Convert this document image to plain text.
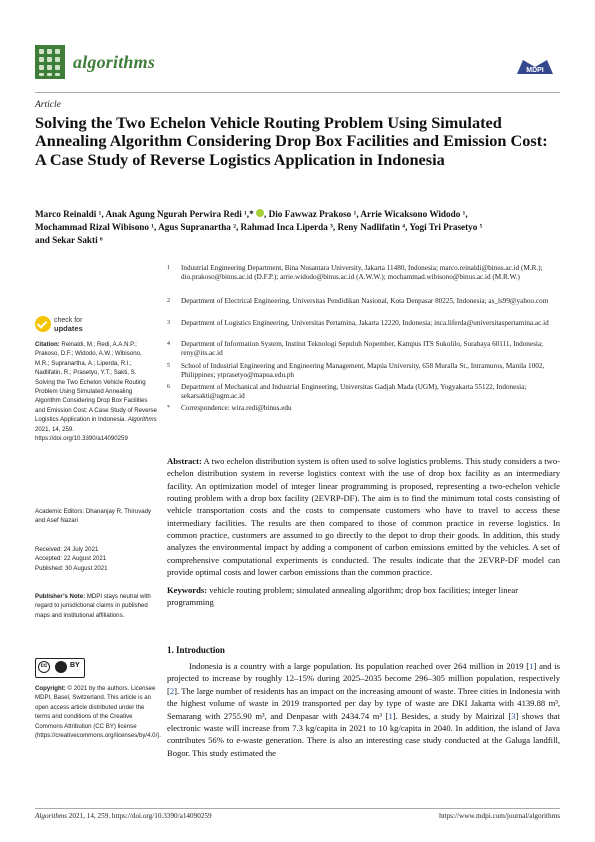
algorithms	MDPI
Article
Solving the Two Echelon Vehicle Routing Problem Using Simulated Annealing Algorithm Considering Drop Box Facilities and Emission Cost: A Case Study of Reverse Logistics Application in Indonesia
Marco Reinaldi ¹, Anak Agung Ngurah Perwira Redi ¹,* , Dio Fawwaz Prakoso ¹, Arrie Wicaksono Widodo ¹,
Mochammad Rizal Wibisono ¹, Agus Supranartha ², Rahmad Inca Liperda ³, Reny Nadlifatin ⁴, Yogi Tri Prasetyo ⁵
and Sekar Sakti ⁶
1 Industrial Engineering Department, Bina Nusantara University, Jakarta 11480, Indonesia; marco.reinaldi@binus.ac.id (M.R.); dio.prakoso@binus.ac.id (D.F.P.); arrie.widodo@binus.ac.id (A.W.W.); mochammad.wibisono@binus.ac.id (M.R.W.)
2 Department of Electrical Engineering, Universitas Pendidikan Nasional, Kota Denpasar 80225, Indonesia; as_ls99@yahoo.com
3 Department of Logistics Engineering, Universitas Pertamina, Jakarta 12220, Indonesia; inca.liferda@universitaspertamina.ac.id
4 Department of Information System, Institut Teknologi Sepuluh Nopember, Kampus ITS Sukolilo, Surabaya 60111, Indonesia; reny@its.ac.id
5 School of Industrial Engineering and Engineering Management, Mapúa University, 658 Muralla St., Intramuros, Manila 1002, Philippines; ytprasetyo@mapua.edu.ph
6 Department of Mechanical and Industrial Engineering, Universitas Gadjah Mada (UGM), Yogyakarta 55122, Indonesia; sekarsakti@ugm.ac.id
* Correspondence: wira.redi@binus.edu
check for
updates
Citation: Reinaldi, M.; Redi, A.A.N.P.; Prakoso, D.F.; Widodo, A.W.; Wibisono, M.R.; Supranartha, A.; Liperda, R.I.; Nadlifatin, R.; Prasetyo, Y.T.; Sakti, S. Solving the Two Echelon Vehicle Routing Problem Using Simulated Annealing Algorithm Considering Drop Box Facilities and Emission Cost: A Case Study of Reverse Logistics Application in Indonesia. Algorithms 2021, 14, 259. https://doi.org/10.3390/a14090259
Academic Editors: Dhananjay R. Thiruvady and Asef Nazari
Received: 24 July 2021
Accepted: 22 August 2021
Published: 30 August 2021
Publisher’s Note: MDPI stays neutral with regard to jurisdictional claims in published maps and institutional affiliations.
cc	BY
Copyright: © 2021 by the authors. Licensee MDPI, Basel, Switzerland. This article is an open access article distributed under the terms and conditions of the Creative Commons Attribution (CC BY) license (https://creativecommons.org/licenses/by/4.0/).
Abstract: A two echelon distribution system is often used to solve logistics problems. This study considers a two-echelon distribution system in reverse logistics context with the use of drop box facility as an intermediary facility. An optimization model of integer linear programming is proposed, representing a two-echelon vehicle routing problem with a drop box facility (2EVRP-DF). The aim is to find the minimum total costs consisting of vehicle transportation costs and the costs to compensate customers who have to travel to access these intermediary facilities. The results are then compared to those of common practice in reverse logistics. In common practice, customers are assumed to go directly to the depot to drop their goods. In addition, this study analyzes the environmental impact by adding a component of carbon emissions emitted by the vehicles. A set of comprehensive computational experiments is conducted. The results indicate that the 2EVRP-DF model can provide optimal costs and lower carbon emissions than the common practice.
Keywords: vehicle routing problem; simulated annealing algorithm; drop box facilities; integer linear programming
1. Introduction
Indonesia is a country with a large population. Its population reached over 264 million in 2019 [1] and is projected to increase by roughly 12–15% during 2025–2035 become 296–305 million population, respectively [2]. The large number of residents has an impact on the increasing amount of waste. Three cities in Indonesia with the highest volume of waste in 2019 transported per day by type of waste are DKI Jakarta with 4139.88 m³, Semarang with 2755.90 m³, and Denpasar with 2434.74 m³ [1]. Besides, a study by Mairizal [3] shows that electronic waste will increase from 7.3 kg/capita in 2021 to 10 kg/capita in 2040. In addition, the island of Java contributes 56% to e-waste generation. There is also an interesting case study conducted at the Galuga landfill, Bogor. This study estimated the
Algorithms 2021, 14, 259. https://doi.org/10.3390/a14090259	https://www.mdpi.com/journal/algorithms
